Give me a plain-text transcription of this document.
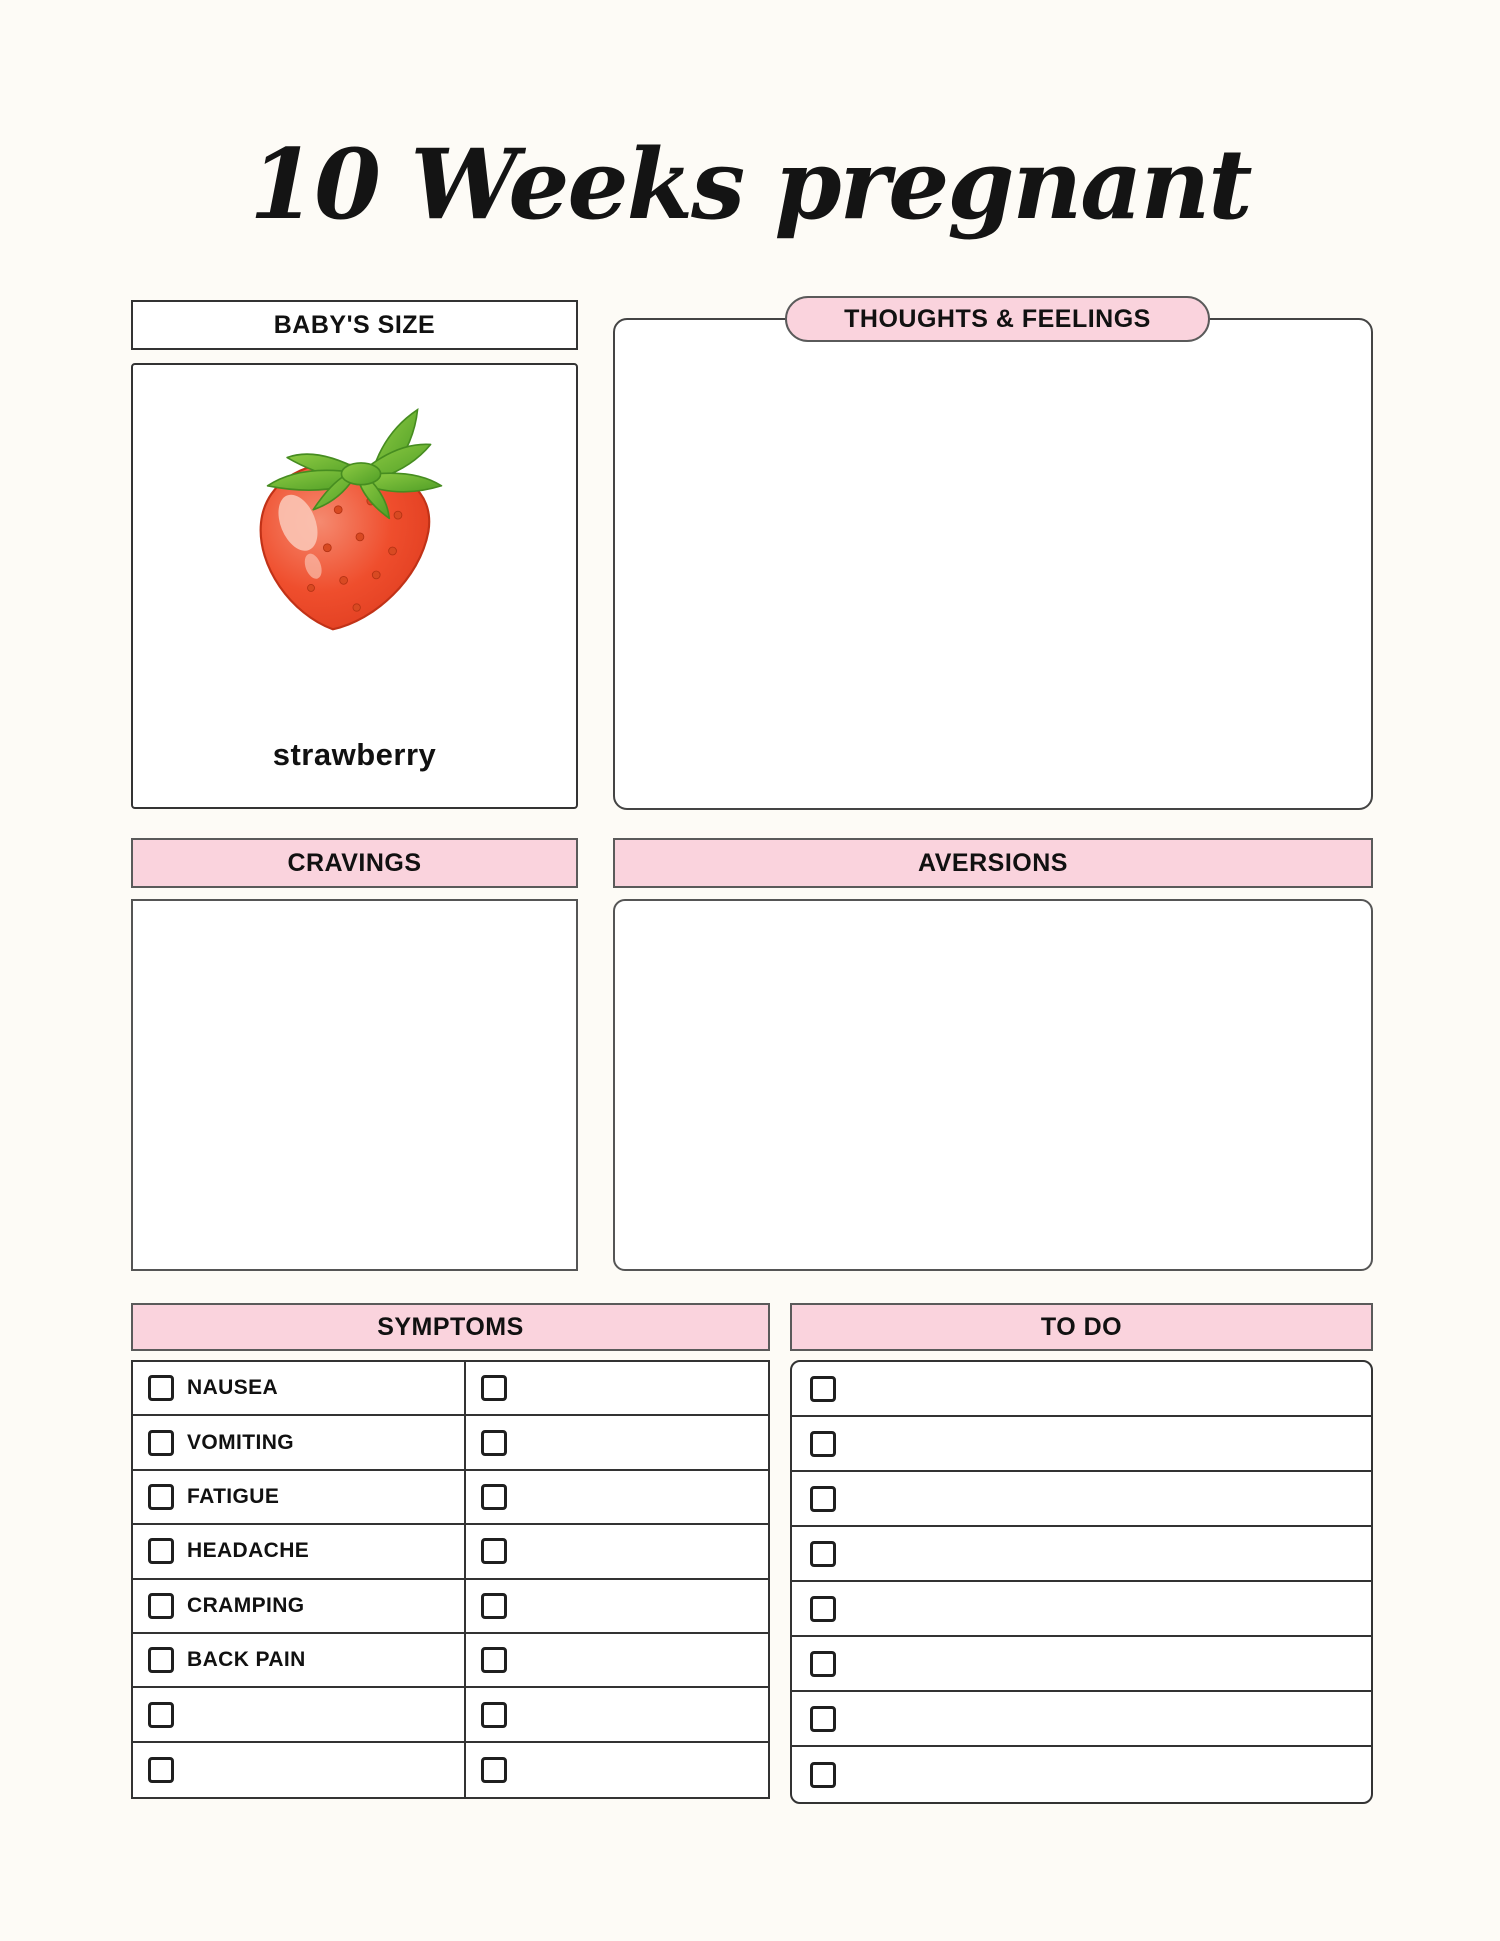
10 Weeks pregnant
BABY'S SIZE
strawberry
THOUGHTS & FEELINGS
CRAVINGS	AVERSIONS
SYMPTOMS
NAUSEA
VOMITING
FATIGUE
HEADACHE
CRAMPING
BACK PAIN
TO DO
